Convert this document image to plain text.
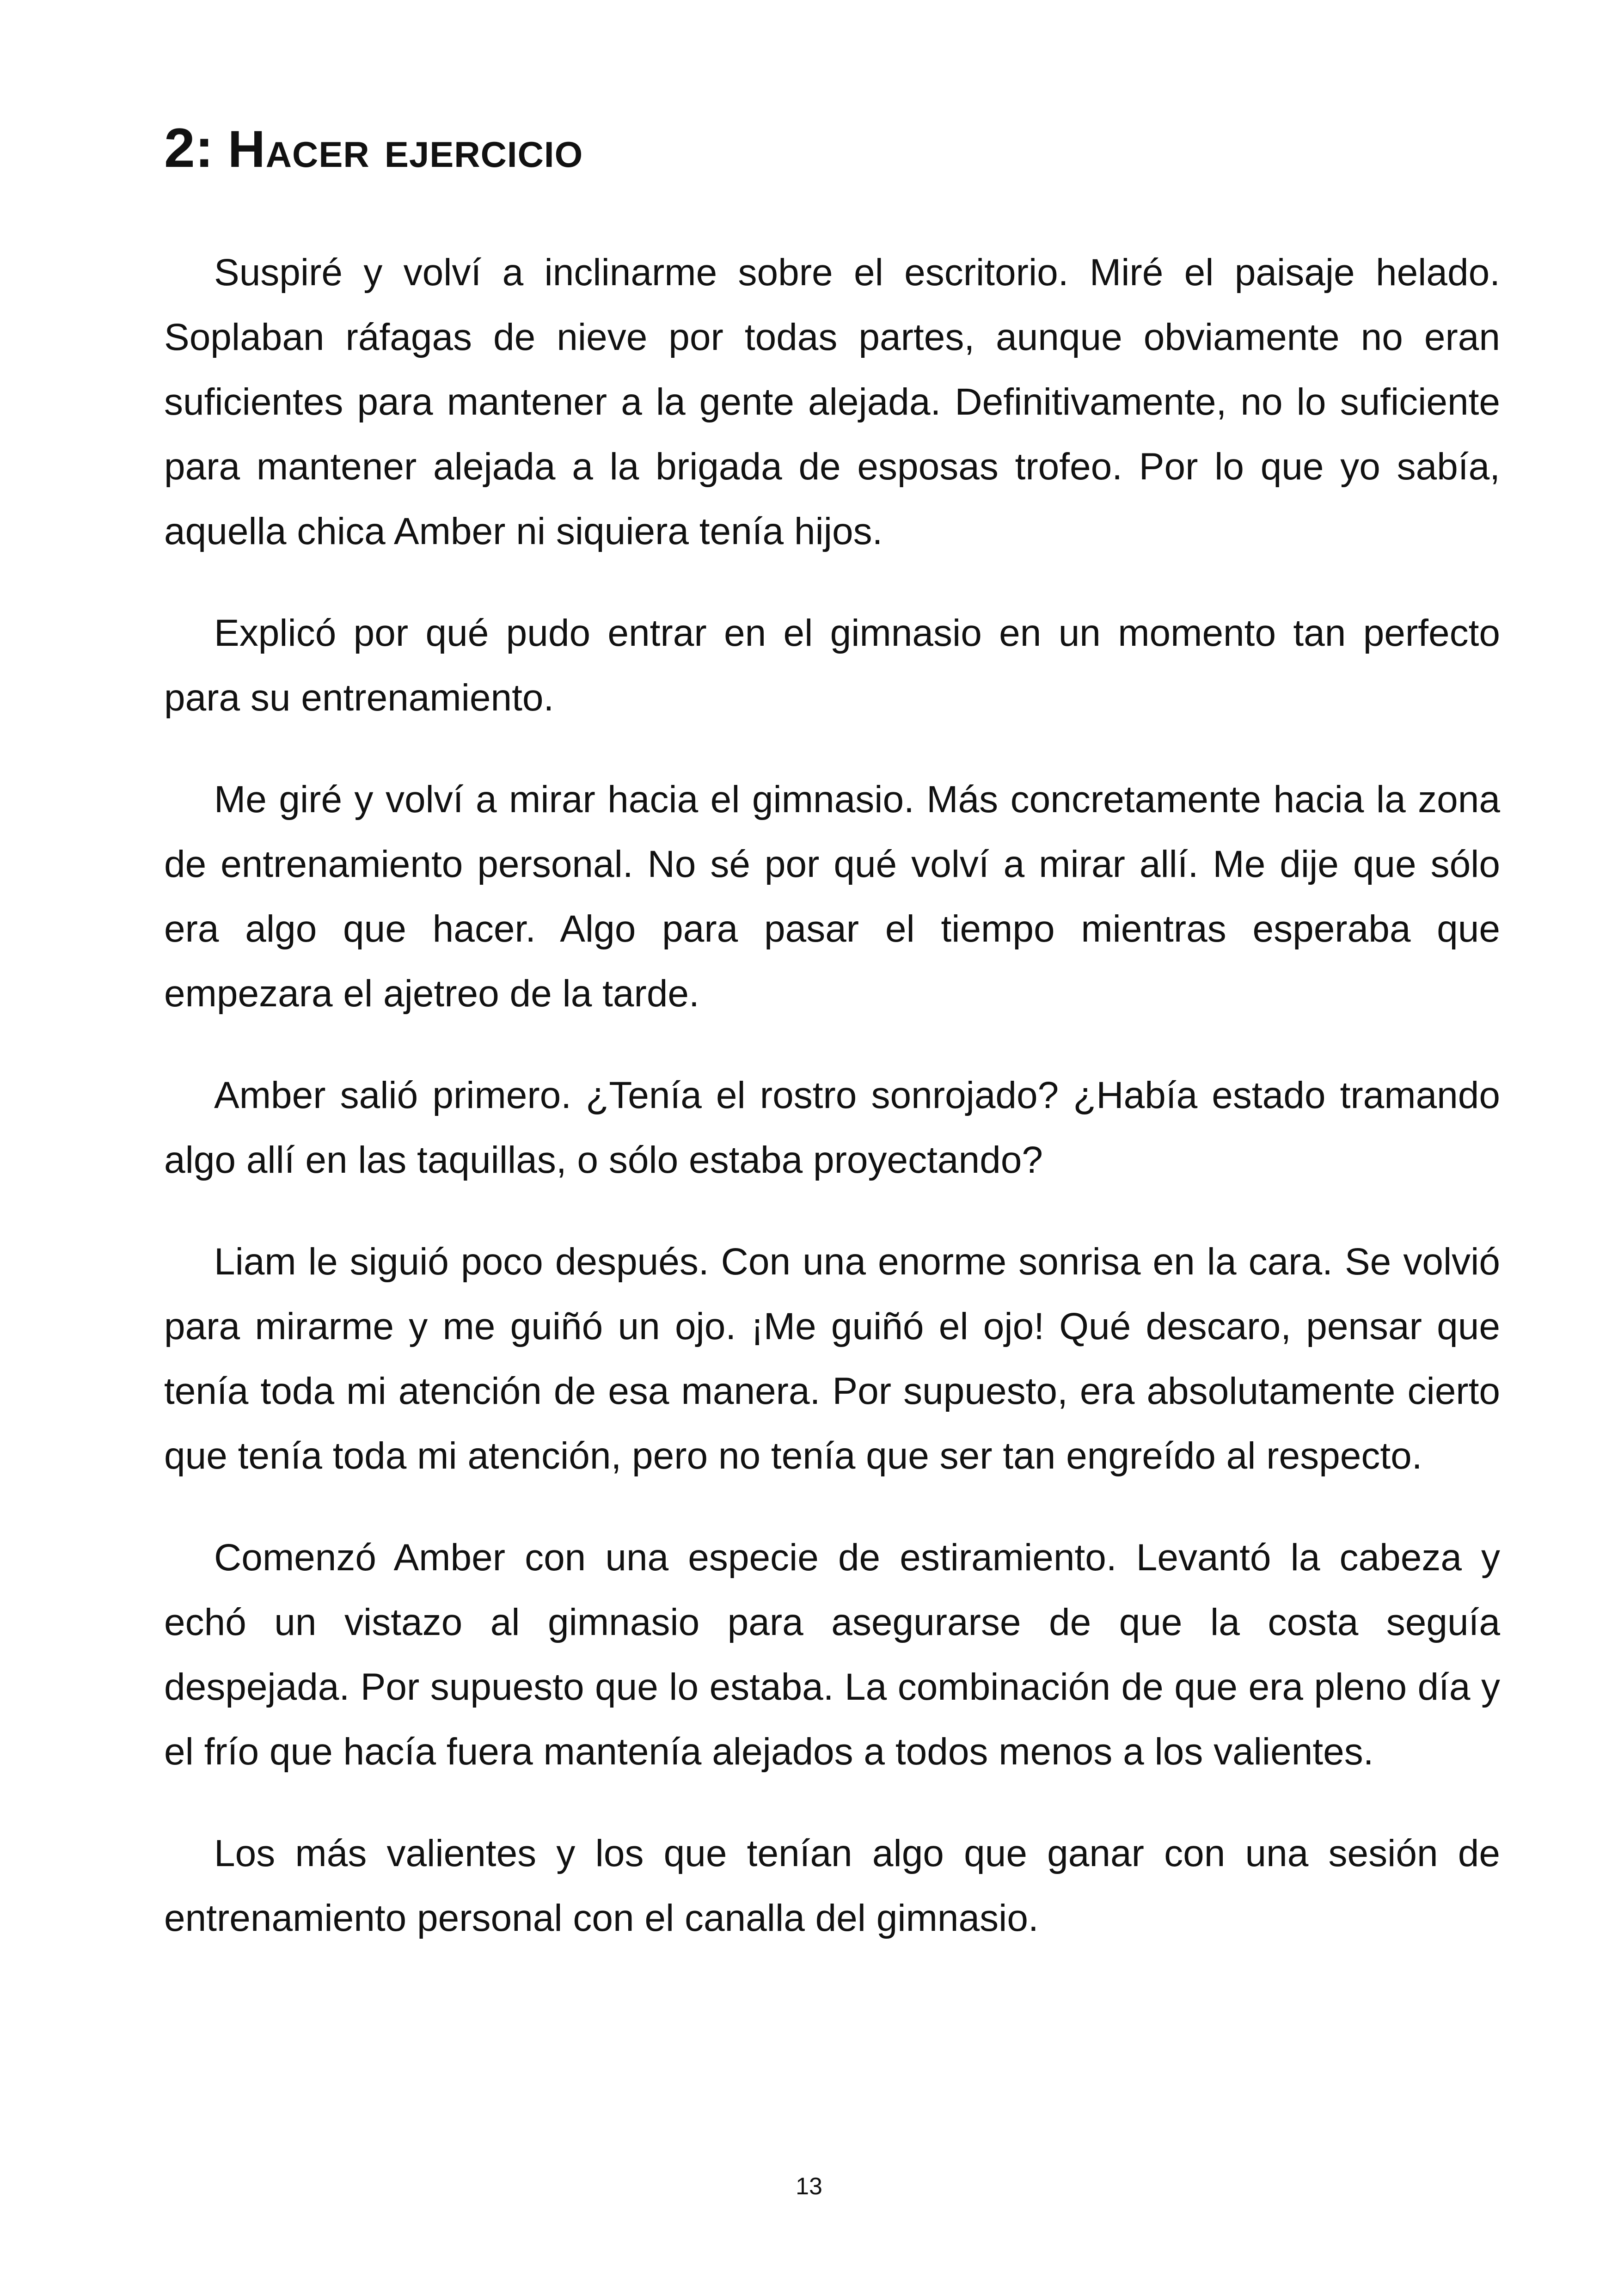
2: Hacer ejercicio

Suspiré y volví a inclinarme sobre el escritorio. Miré el paisaje helado. Soplaban ráfagas de nieve por todas partes, aunque obviamente no eran suficientes para mantener a la gente alejada. Definitivamente, no lo suficiente para mantener alejada a la brigada de esposas trofeo. Por lo que yo sabía, aquella chica Amber ni siquiera tenía hijos.

Explicó por qué pudo entrar en el gimnasio en un momento tan perfecto para su entrenamiento.

Me giré y volví a mirar hacia el gimnasio. Más concretamente hacia la zona de entrenamiento personal. No sé por qué volví a mirar allí. Me dije que sólo era algo que hacer. Algo para pasar el tiempo mientras esperaba que empezara el ajetreo de la tarde.

Amber salió primero. ¿Tenía el rostro sonrojado? ¿Había estado tramando algo allí en las taquillas, o sólo estaba proyectando?

Liam le siguió poco después. Con una enorme sonrisa en la cara. Se volvió para mirarme y me guiñó un ojo. ¡Me guiñó el ojo! Qué descaro, pensar que tenía toda mi atención de esa manera. Por supuesto, era absolutamente cierto que tenía toda mi atención, pero no tenía que ser tan engreído al respecto.

Comenzó Amber con una especie de estiramiento. Levantó la cabeza y echó un vistazo al gimnasio para asegurarse de que la costa seguía despejada. Por supuesto que lo estaba. La combinación de que era pleno día y el frío que hacía fuera mantenía alejados a todos menos a los valientes.

Los más valientes y los que tenían algo que ganar con una sesión de entrenamiento personal con el canalla del gimnasio.

13
